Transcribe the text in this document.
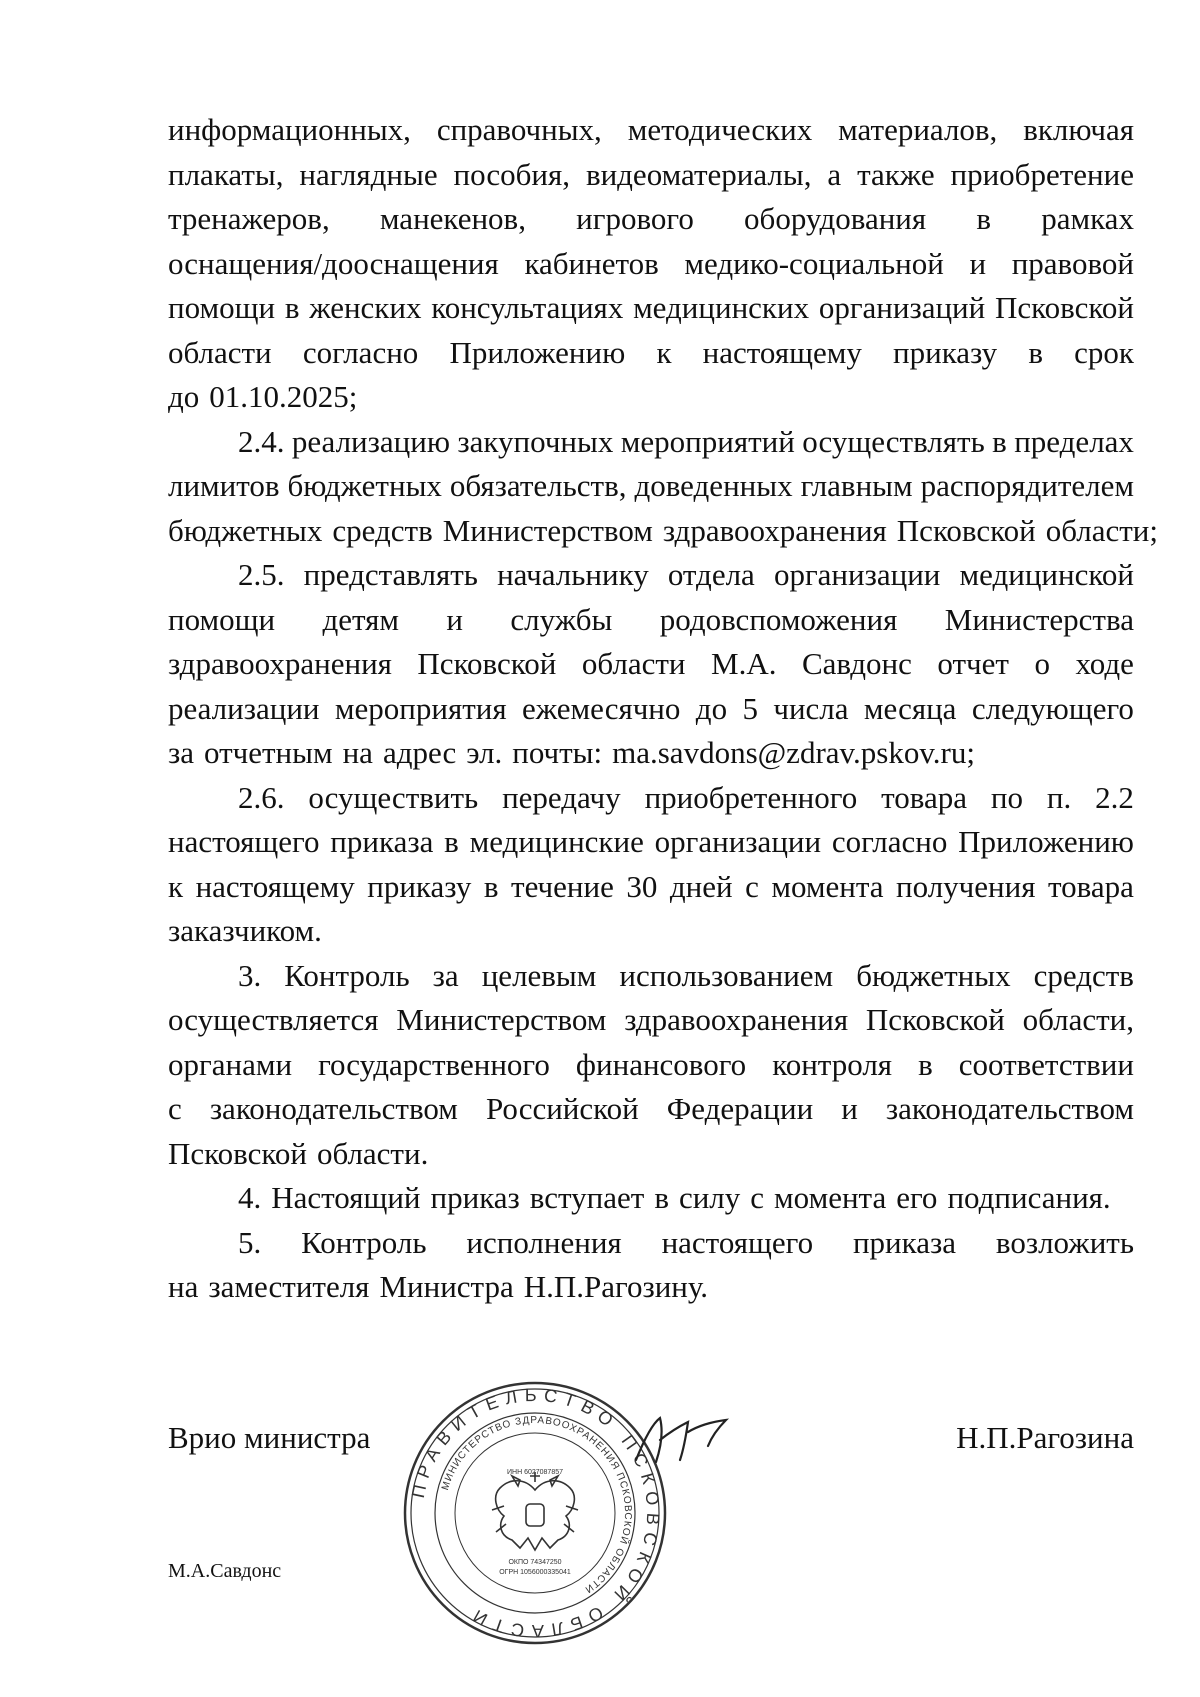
информационных, справочных, методических материалов, включая
плакаты, наглядные пособия, видеоматериалы, а также приобретение
тренажеров, манекенов, игрового оборудования в рамках
оснащения/дооснащения кабинетов медико-социальной и правовой
помощи в женских консультациях медицинских организаций Псковской
области согласно Приложению к настоящему приказу в срок
до 01.10.2025;
2.4. реализацию закупочных мероприятий осуществлять в пределах
лимитов бюджетных обязательств, доведенных главным распорядителем
бюджетных средств Министерством здравоохранения Псковской области;
2.5. представлять начальнику отдела организации медицинской
помощи детям и службы родовспоможения Министерства
здравоохранения Псковской области М.А. Савдонс отчет о ходе
реализации мероприятия ежемесячно до 5 числа месяца следующего
за отчетным на адрес эл. почты: ma.savdons@zdrav.pskov.ru;
2.6. осуществить передачу приобретенного товара по п. 2.2
настоящего приказа в медицинские организации согласно Приложению
к настоящему приказу в течение 30 дней с момента получения товара
заказчиком.
3. Контроль за целевым использованием бюджетных средств
осуществляется Министерством здравоохранения Псковской области,
органами государственного финансового контроля в соответствии
с законодательством Российской Федерации и законодательством
Псковской области.
4. Настоящий приказ вступает в силу с момента его подписания.
5. Контроль исполнения настоящего приказа возложить
на заместителя Министра Н.П.Рагозину.
Врио министра
ПРАВИТЕЛЬСТВО ПСКОВСКОЙ ОБЛАСТИ
МИНИСТЕРСТВО ЗДРАВООХРАНЕНИЯ ПСКОВСКОЙ ОБЛАСТИ
ИНН 6027087857
ОКПО 74347250
ОГРН 1056000335041
Н.П.Рагозина
М.А.Савдонс
